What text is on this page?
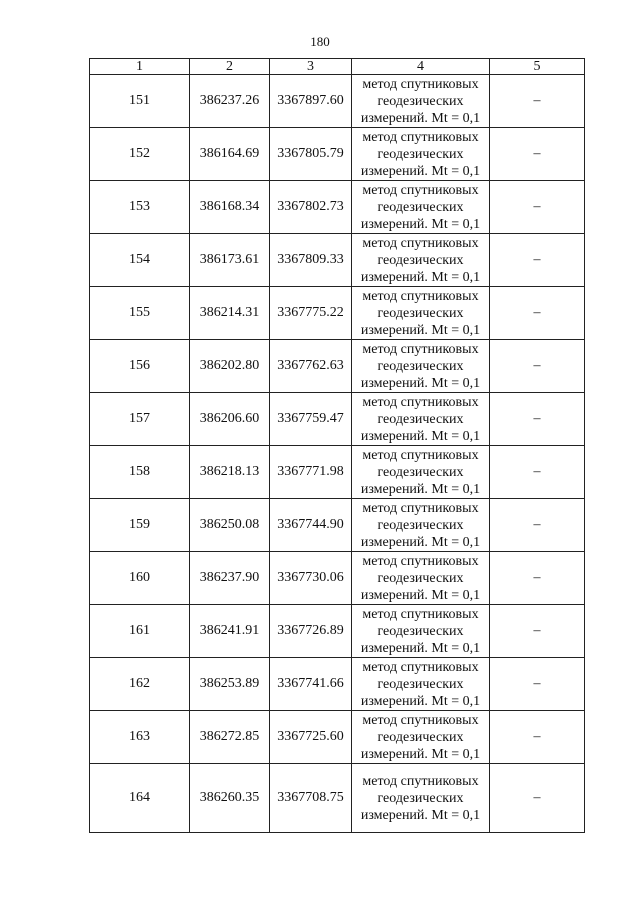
180
1	2	3	4	5
151	386237.26	3367897.60	метод спутниковых
геодезических
измерений. Mt = 0,1	–
152	386164.69	3367805.79	метод спутниковых
геодезических
измерений. Mt = 0,1	–
153	386168.34	3367802.73	метод спутниковых
геодезических
измерений. Mt = 0,1	–
154	386173.61	3367809.33	метод спутниковых
геодезических
измерений. Mt = 0,1	–
155	386214.31	3367775.22	метод спутниковых
геодезических
измерений. Mt = 0,1	–
156	386202.80	3367762.63	метод спутниковых
геодезических
измерений. Mt = 0,1	–
157	386206.60	3367759.47	метод спутниковых
геодезических
измерений. Mt = 0,1	–
158	386218.13	3367771.98	метод спутниковых
геодезических
измерений. Mt = 0,1	–
159	386250.08	3367744.90	метод спутниковых
геодезических
измерений. Mt = 0,1	–
160	386237.90	3367730.06	метод спутниковых
геодезических
измерений. Mt = 0,1	–
161	386241.91	3367726.89	метод спутниковых
геодезических
измерений. Mt = 0,1	–
162	386253.89	3367741.66	метод спутниковых
геодезических
измерений. Mt = 0,1	–
163	386272.85	3367725.60	метод спутниковых
геодезических
измерений. Mt = 0,1	–
164	386260.35	3367708.75	метод спутниковых
геодезических
измерений. Mt = 0,1	–
